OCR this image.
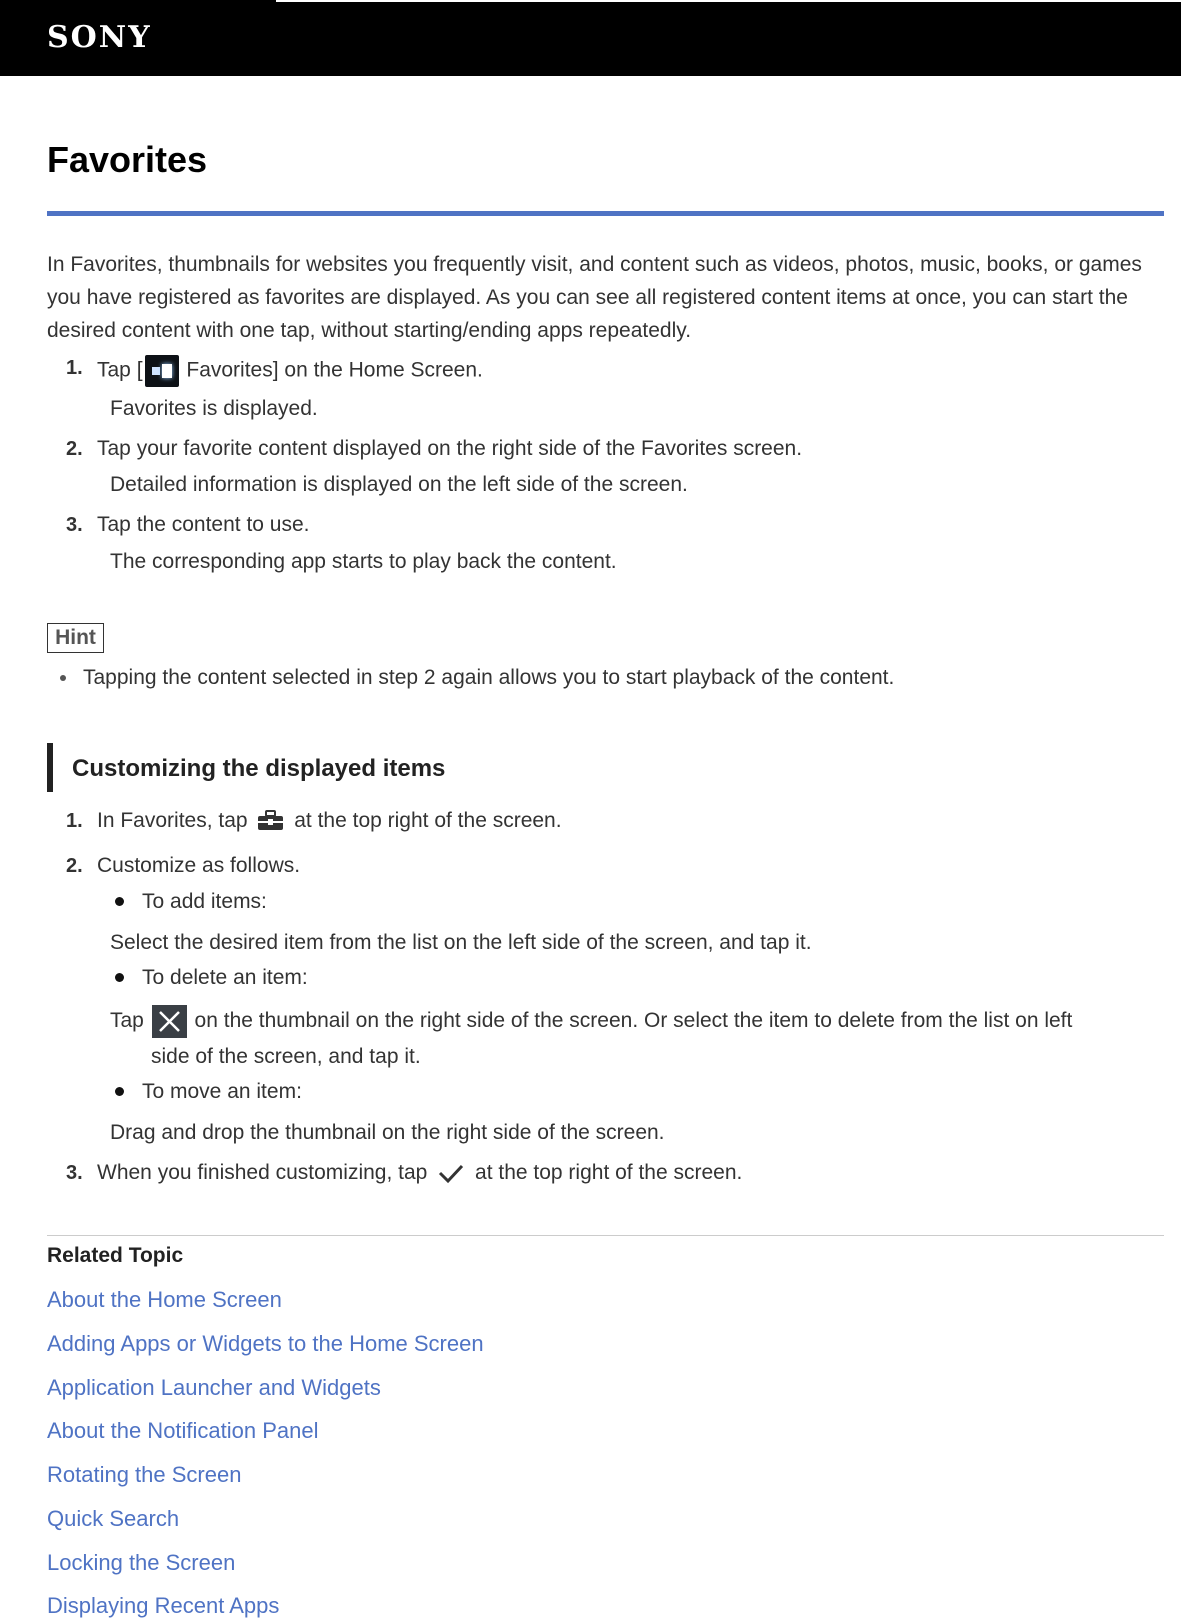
SONY
Favorites

In Favorites, thumbnails for websites you frequently visit, and content such as videos, photos, music, books, or games you have registered as favorites are displayed. As you can see all registered content items at once, you can start the desired content with one tap, without starting/ending apps repeatedly.

1. Tap [
Favorites] on the Home Screen.
Favorites is displayed.
2. Tap your favorite content displayed on the right side of the Favorites screen.
Detailed information is displayed on the left side of the screen.
3. Tap the content to use.
The corresponding app starts to play back the content.
Hint
Tapping the content selected in step 2 again allows you to start playback of the content.
Customizing the displayed items
1. In Favorites, tap  at the top right of the screen.
2. Customize as follows.
To add items:
Select the desired item from the list on the left side of the screen, and tap it.
To delete an item:
Tap  on the thumbnail on the right side of the screen. Or select the item to delete from the list on left
side of the screen, and tap it.
To move an item:
Drag and drop the thumbnail on the right side of the screen.
3. When you finished customizing, tap  at the top right of the screen.
Related Topic
About the Home Screen
Adding Apps or Widgets to the Home Screen
Application Launcher and Widgets
About the Notification Panel
Rotating the Screen
Quick Search
Locking the Screen
Displaying Recent Apps
